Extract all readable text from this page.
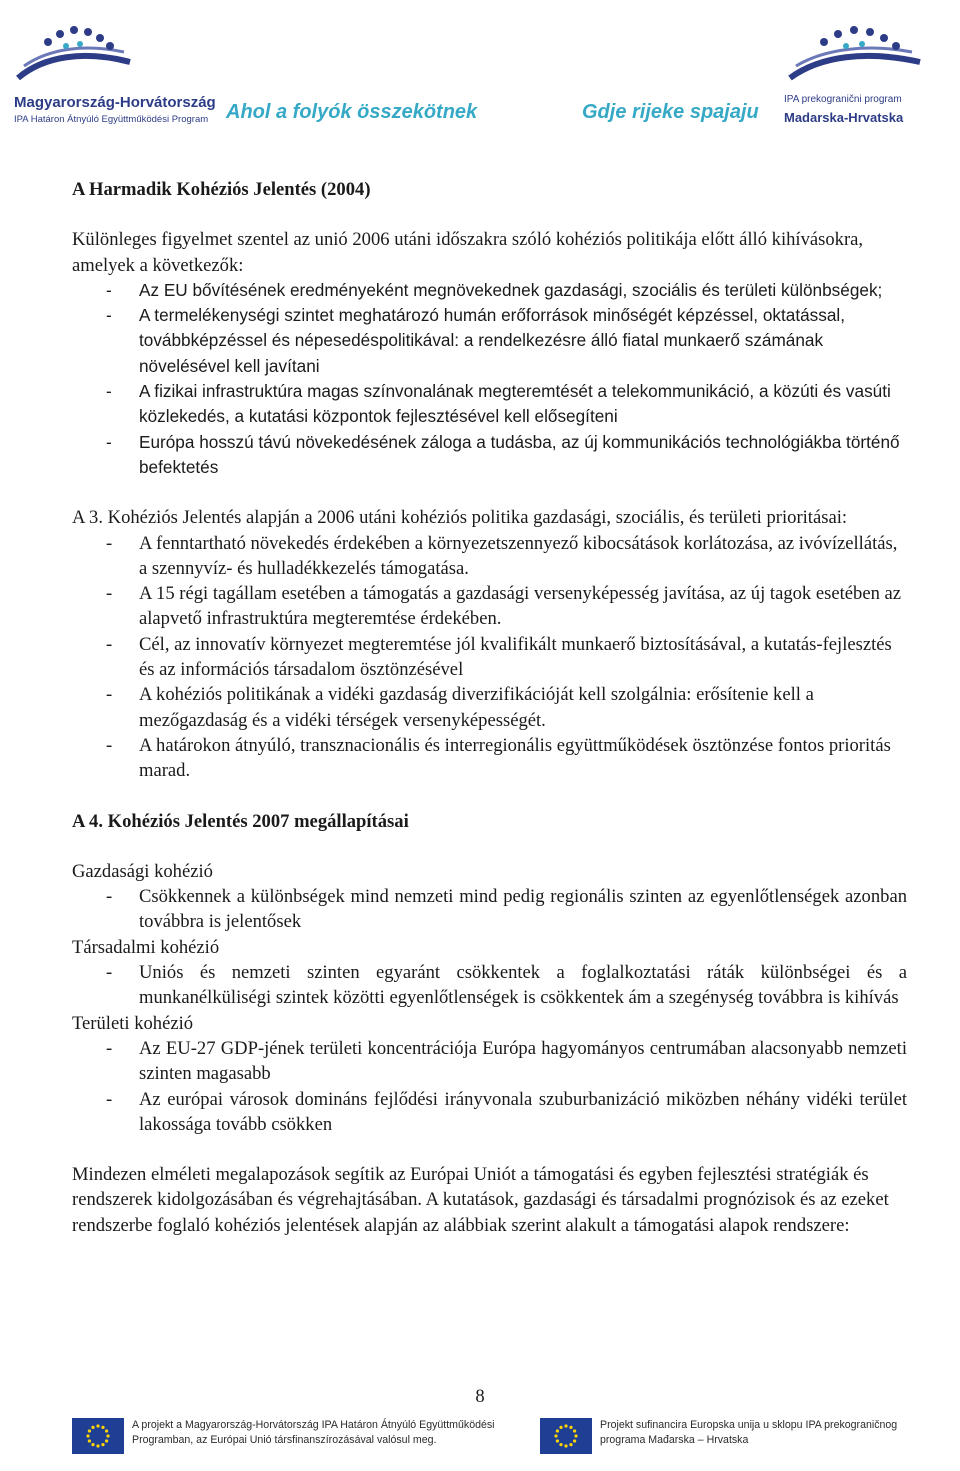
Magyarország-Horvátország
IPA Határon Átnyúló Együttműködési Program Ahol a folyók összekötnek	Gdje rijeke spajaju
IPA prekogranični program
Madarska-Hrvatska

A Harmadik Kohéziós Jelentés (2004)

Különleges figyelmet szentel az unió 2006 utáni időszakra szóló kohéziós politikája előtt álló kihívásokra, amelyek a következők:

- Az EU bővítésének eredményeként megnövekednek gazdasági, szociális és területi különbségek;
- A termelékenységi szintet meghatározó humán erőforrások minőségét képzéssel, oktatással, továbbképzéssel és népesedéspolitikával: a rendelkezésre álló fiatal munkaerő számának növelésével kell javítani
- A fizikai infrastruktúra magas színvonalának megteremtését a telekommunikáció, a közúti és vasúti közlekedés, a kutatási központok fejlesztésével kell elősegíteni
- Európa hosszú távú növekedésének záloga a tudásba, az új kommunikációs technológiákba történő befektetés

A 3. Kohéziós Jelentés alapján a 2006 utáni kohéziós politika gazdasági, szociális, és területi prioritásai:

- A fenntartható növekedés érdekében a környezetszennyező kibocsátások korlátozása, az ivóvízellátás, a szennyvíz- és hulladékkezelés támogatása.
- A 15 régi tagállam esetében a támogatás a gazdasági versenyképesség javítása, az új tagok esetében az alapvető infrastruktúra megteremtése érdekében.
- Cél, az innovatív környezet megteremtése jól kvalifikált munkaerő biztosításával, a kutatás-fejlesztés és az információs társadalom ösztönzésével
- A kohéziós politikának a vidéki gazdaság diverzifikációját kell szolgálnia: erősítenie kell a mezőgazdaság és a vidéki térségek versenyképességét.
- A határokon átnyúló, transznacionális és interregionális együttműködések ösztönzése fontos prioritás marad.

A 4. Kohéziós Jelentés 2007 megállapításai

Gazdasági kohézió

- Csökkennek a különbségek mind nemzeti mind pedig regionális szinten az egyenlőtlenségek azonban továbbra is jelentősek

Társadalmi kohézió

- Uniós és nemzeti szinten egyaránt csökkentek a foglalkoztatási ráták különbségei és a munkanélküliségi szintek közötti egyenlőtlenségek is csökkentek ám a szegénység továbbra is kihívás

Területi kohézió

- Az EU-27 GDP-jének területi koncentrációja Európa hagyományos centrumában alacsonyabb nemzeti szinten magasabb
- Az európai városok domináns fejlődési irányvonala szuburbanizáció miközben néhány vidéki terület lakossága tovább csökken

Mindezen elméleti megalapozások segítik az Európai Uniót a támogatási és egyben fejlesztési stratégiák és rendszerek kidolgozásában és végrehajtásában. A kutatások, gazdasági és társadalmi prognózisok és az ezeket rendszerbe foglaló kohéziós jelentések alapján az alábbiak szerint alakult a támogatási alapok rendszere:

8
A projekt a Magyarország-Horvátország IPA Határon Átnyúló Együttműködési
Programban, az Európai Unió társfinanszírozásával valósul meg.
Projekt sufinancira Europska unija u sklopu IPA prekograničnog
programa Mađarska – Hrvatska
